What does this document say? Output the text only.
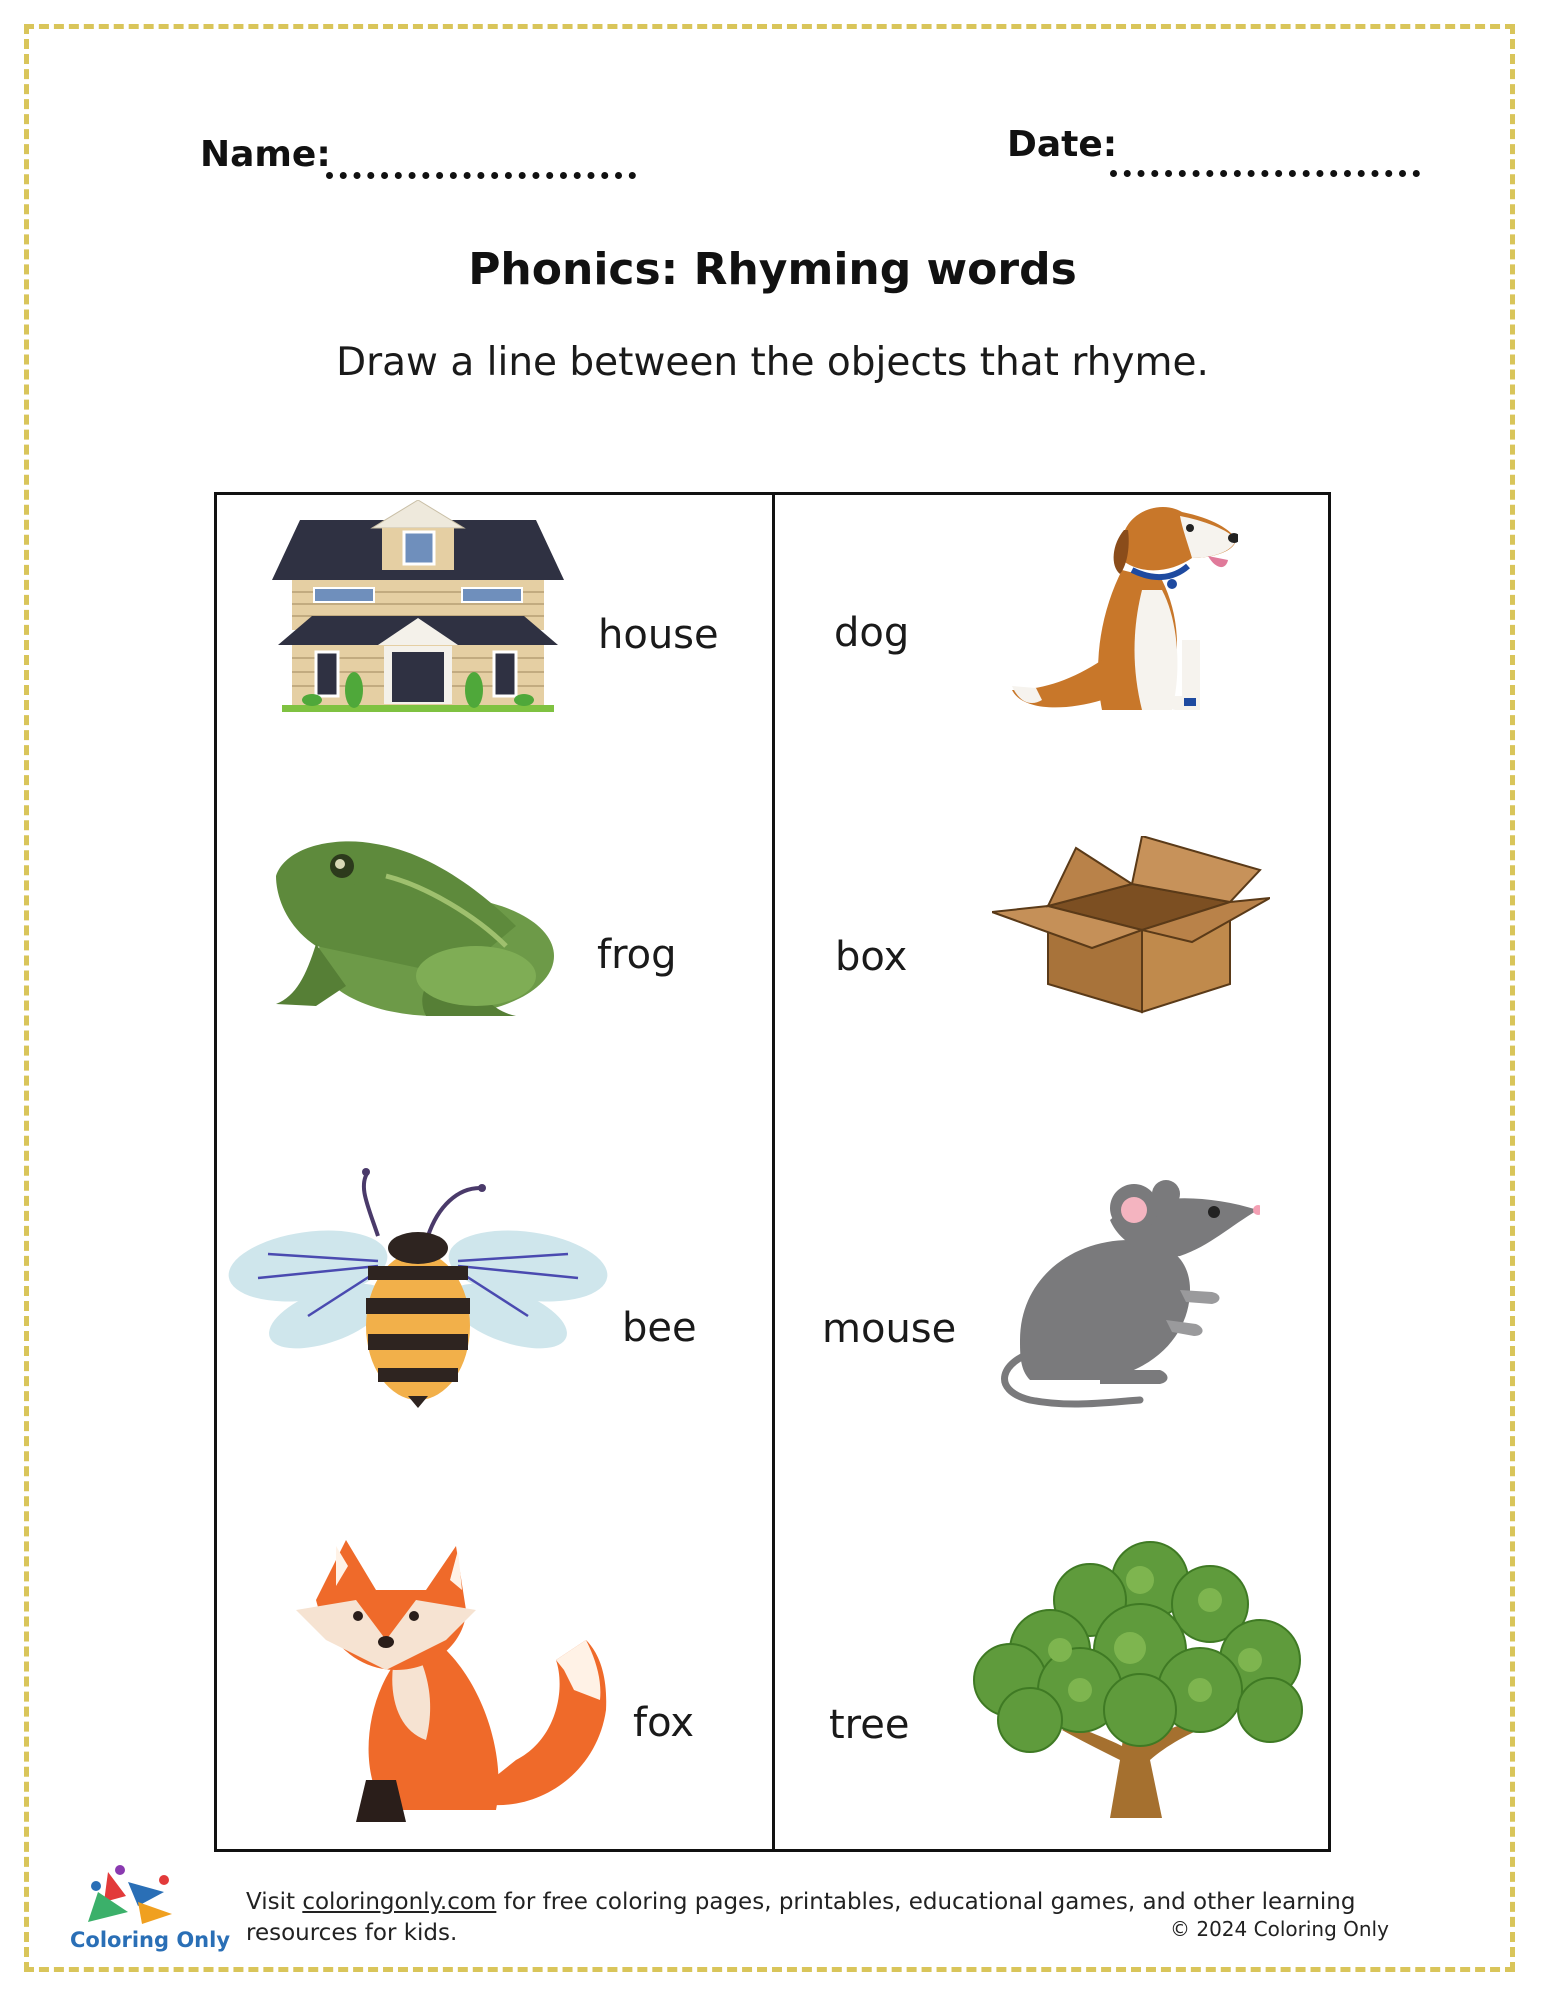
Name:	Date:
Phonics: Rhyming words
Draw a line between the objects that rhyme.
house
frog
bee
fox
dog
box
mouse
tree
Coloring Only
Visit coloringonly.com for free coloring pages, printables, educational games, and other learning resources for kids.	© 2024 Coloring Only
